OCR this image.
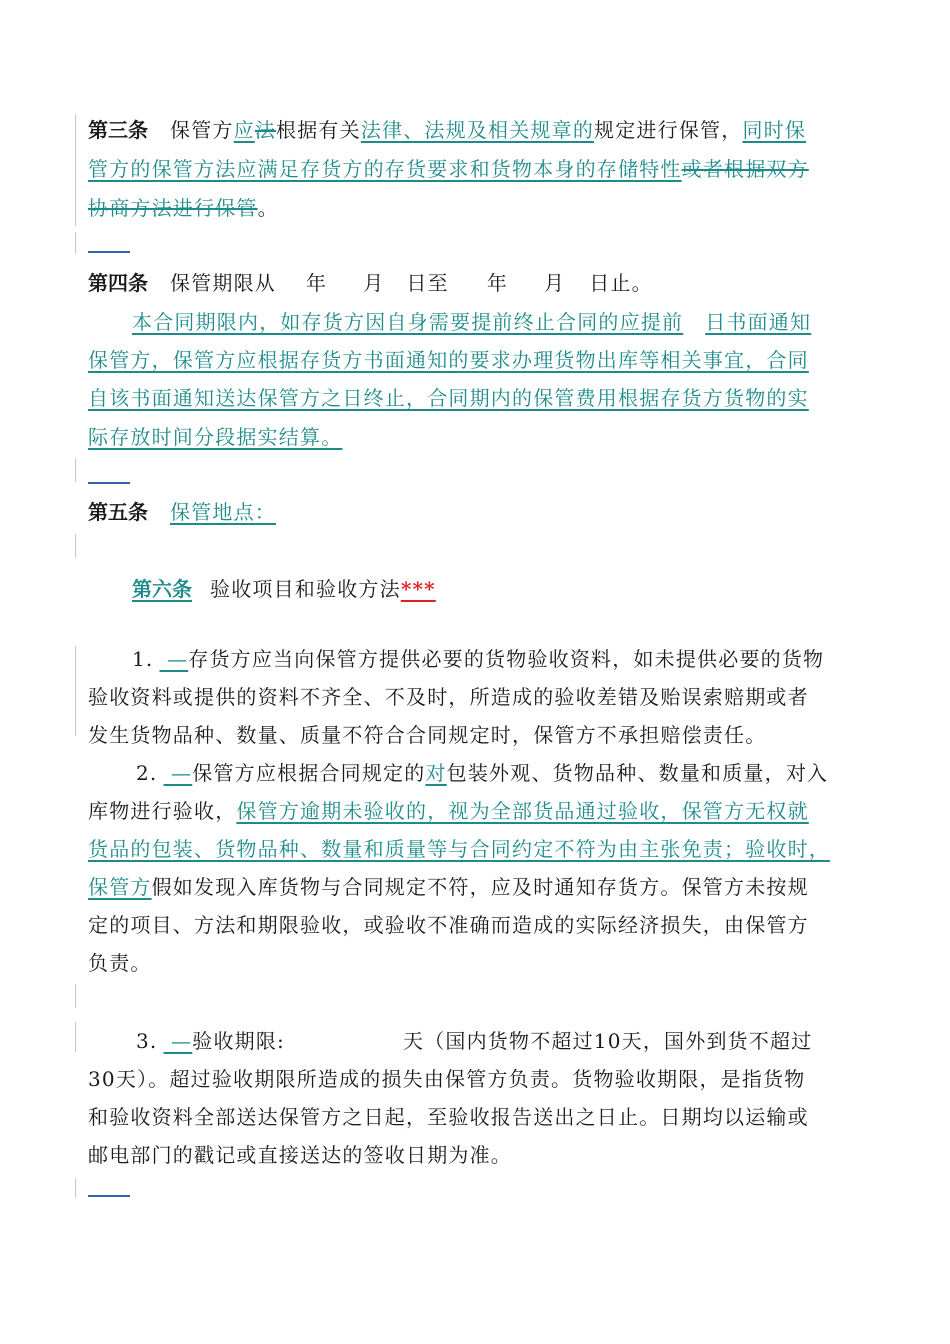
第三条 保管方应法根据有关法律、法规及相关规章的规定进行保管，同时保
管方的保管方法应满足存货方的存货要求和货物本身的存储特性或者根据双方
协商方法进行保管。
第四条 保管期限从 年 月 日至 年 月 日止。
本合同期限内，如存货方因自身需要提前终止合同的应提前 日书面通知
保管方，保管方应根据存货方书面通知的要求办理货物出库等相关事宜，合同
自该书面通知送达保管方之日终止，合同期内的保管费用根据存货方货物的实
际存放时间分段据实结算。
第五条 保管地点：
第六条 验收项目和验收方法***
1. —存货方应当向保管方提供必要的货物验收资料，如未提供必要的货物
验收资料或提供的资料不齐全、不及时，所造成的验收差错及贻误索赔期或者
发生货物品种、数量、质量不符合合同规定时，保管方不承担赔偿责任。
2. —保管方应根据合同规定的对包装外观、货物品种、数量和质量，对入
库物进行验收，保管方逾期未验收的，视为全部货品通过验收，保管方无权就
货品的包装、货物品种、数量和质量等与合同约定不符为由主张免责；验收时，
保管方假如发现入库货物与合同规定不符，应及时通知存货方。保管方未按规
定的项目、方法和期限验收，或验收不准确而造成的实际经济损失，由保管方
负责。
3. —验收期限:	天（国内货物不超过10天，国外到货不超过
30天）。超过验收期限所造成的损失由保管方负责。货物验收期限，是指货物
和验收资料全部送达保管方之日起，至验收报告送出之日止。日期均以运输或
邮电部门的戳记或直接送达的签收日期为准。
